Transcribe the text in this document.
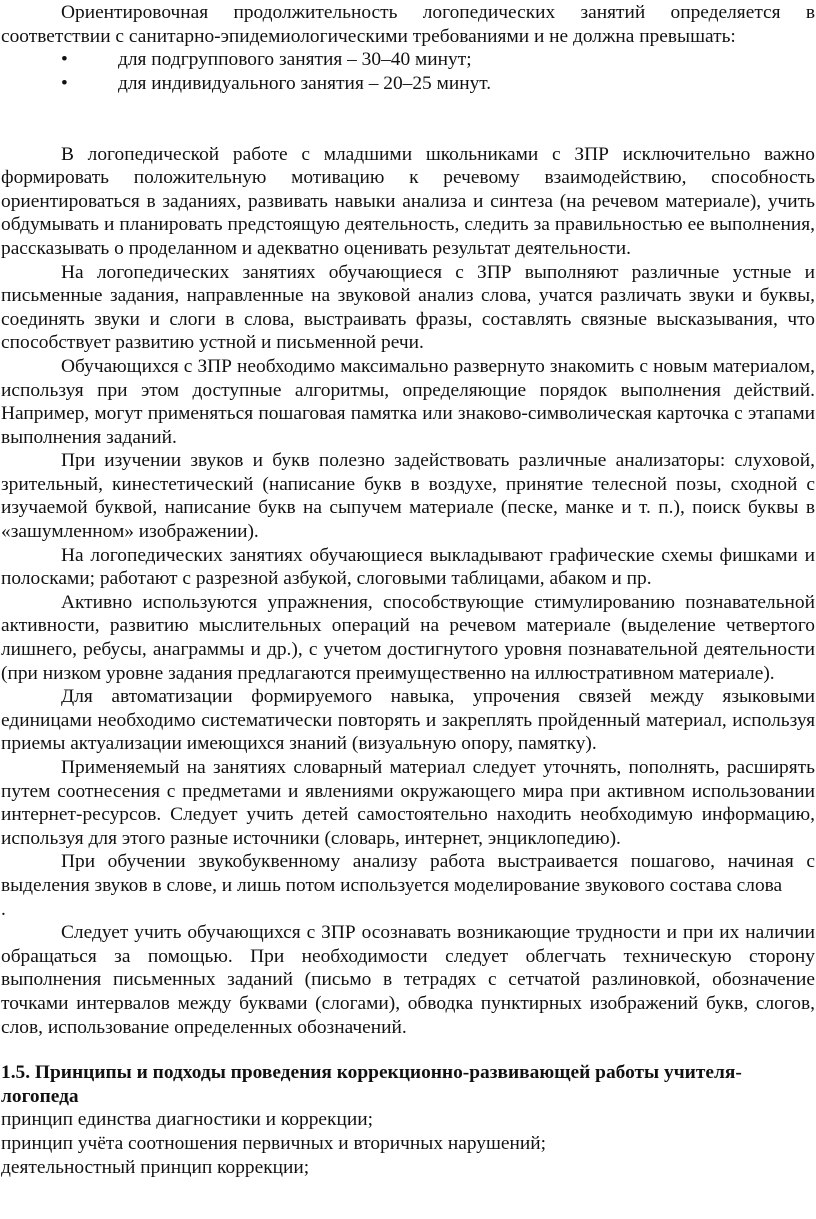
Ориентировочная продолжительность логопедических занятий определяется в соответствии с санитарно-эпидемиологическими требованиями и не должна превышать:

•	для подгруппового занятия – 30–40 минут;
•	для индивидуального занятия – 20–25 минут.

В логопедической работе с младшими школьниками с ЗПР исключительно важно формировать положительную мотивацию к речевому взаимодействию, способность ориентироваться в заданиях, развивать навыки анализа и синтеза (на речевом материале), учить обдумывать и планировать предстоящую деятельность, следить за правильностью ее выполнения, рассказывать о проделанном и адекватно оценивать результат деятельности.

На логопедических занятиях обучающиеся с ЗПР выполняют различные устные и письменные задания, направленные на звуковой анализ слова, учатся различать звуки и буквы, соединять звуки и слоги в слова, выстраивать фразы, составлять связные высказывания, что способствует развитию устной и письменной речи.

Обучающихся с ЗПР необходимо максимально развернуто знакомить с новым материалом, используя при этом доступные алгоритмы, определяющие порядок выполнения действий. Например, могут применяться пошаговая памятка или знаково-символическая карточка с этапами выполнения заданий.

При изучении звуков и букв полезно задействовать различные анализаторы: слуховой, зрительный, кинестетический (написание букв в воздухе, принятие телесной позы, сходной с изучаемой буквой, написание букв на сыпучем материале (песке, манке и т. п.), поиск буквы в «зашумленном» изображении).

На логопедических занятиях обучающиеся выкладывают графические схемы фишками и полосками; работают с разрезной азбукой, слоговыми таблицами, абаком и пр.

Активно используются упражнения, способствующие стимулированию познавательной активности, развитию мыслительных операций на речевом материале (выделение четвертого лишнего, ребусы, анаграммы и др.), с учетом достигнутого уровня познавательной деятельности (при низком уровне задания предлагаются преимущественно на иллюстративном материале).

Для автоматизации формируемого навыка, упрочения связей между языковыми единицами необходимо систематически повторять и закреплять пройденный материал, используя приемы актуализации имеющихся знаний (визуальную опору, памятку).

Применяемый на занятиях словарный материал следует уточнять, пополнять, расширять путем соотнесения с предметами и явлениями окружающего мира при активном использовании интернет-ресурсов. Следует учить детей самостоятельно находить необходимую информацию, используя для этого разные источники (словарь, интернет, энциклопедию).

При обучении звукобуквенному анализу работа выстраивается пошагово, начиная с выделения звуков в слове, и лишь потом используется моделирование звукового состава слова

.

Следует учить обучающихся с ЗПР осознавать возникающие трудности и при их наличии обращаться за помощью. При необходимости следует облегчать техническую сторону выполнения письменных заданий (письмо в тетрадях с сетчатой разлиновкой, обозначение точками интервалов между буквами (слогами), обводка пунктирных изображений букв, слогов, слов, использование определенных обозначений.

1.5. Принципы и подходы проведения коррекционно-развивающей работы учителя-логопеда

принцип единства диагностики и коррекции;

принцип учёта соотношения первичных и вторичных нарушений;

деятельностный принцип коррекции;
